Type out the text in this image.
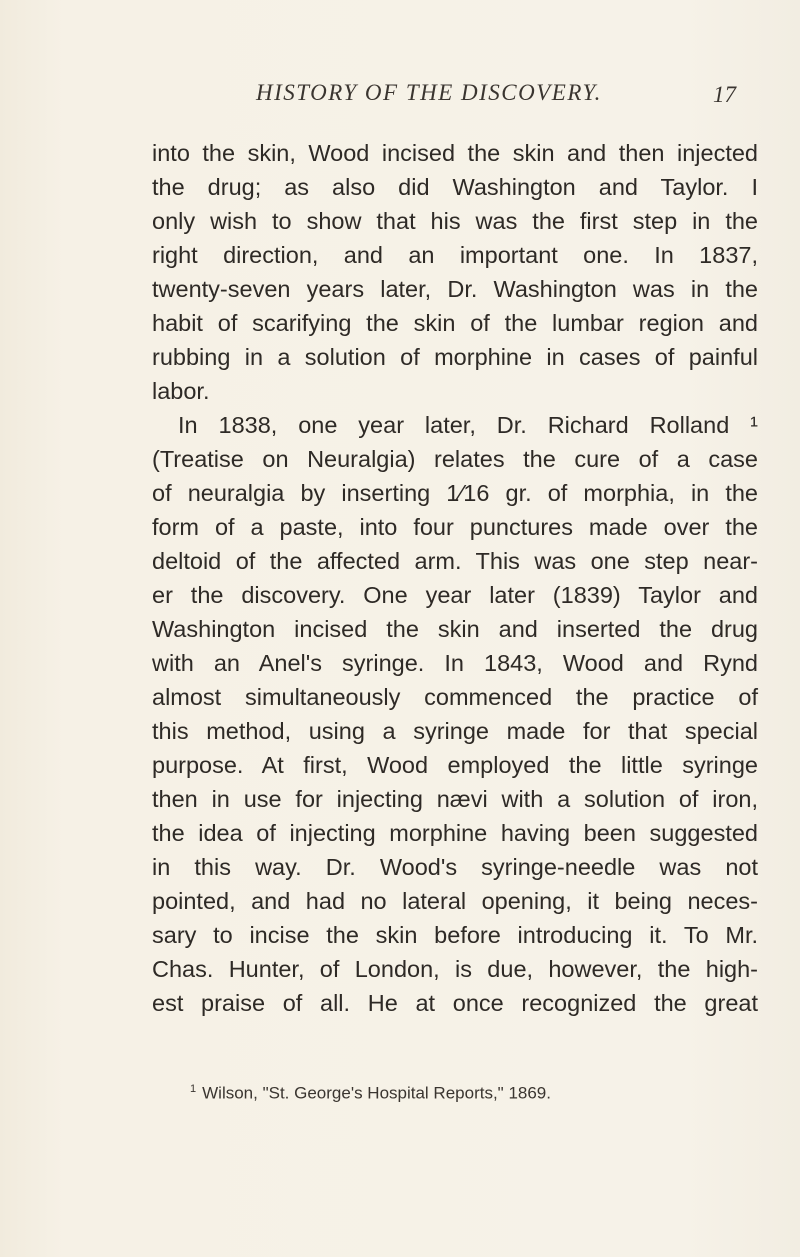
HISTORY OF THE DISCOVERY.	17
into the skin, Wood incised the skin and then injected
the drug; as also did Washington and Taylor. I
only wish to show that his was the first step in the
right direction, and an important one. In 1837,
twenty-seven years later, Dr. Washington was in the
habit of scarifying the skin of the lumbar region and
rubbing in a solution of morphine in cases of painful
labor.
In 1838, one year later, Dr. Richard Rolland ¹
(Treatise on Neuralgia) relates the cure of a case
of neuralgia by inserting 1⁄16 gr. of morphia, in the
form of a paste, into four punctures made over the
deltoid of the affected arm. This was one step near-
er the discovery. One year later (1839) Taylor and
Washington incised the skin and inserted the drug
with an Anel's syringe. In 1843, Wood and Rynd
almost simultaneously commenced the practice of
this method, using a syringe made for that special
purpose. At first, Wood employed the little syringe
then in use for injecting nævi with a solution of iron,
the idea of injecting morphine having been suggested
in this way. Dr. Wood's syringe-needle was not
pointed, and had no lateral opening, it being neces-
sary to incise the skin before introducing it. To Mr.
Chas. Hunter, of London, is due, however, the high-
est praise of all. He at once recognized the great
$^1$ Wilson, "St. George's Hospital Reports," 1869.
